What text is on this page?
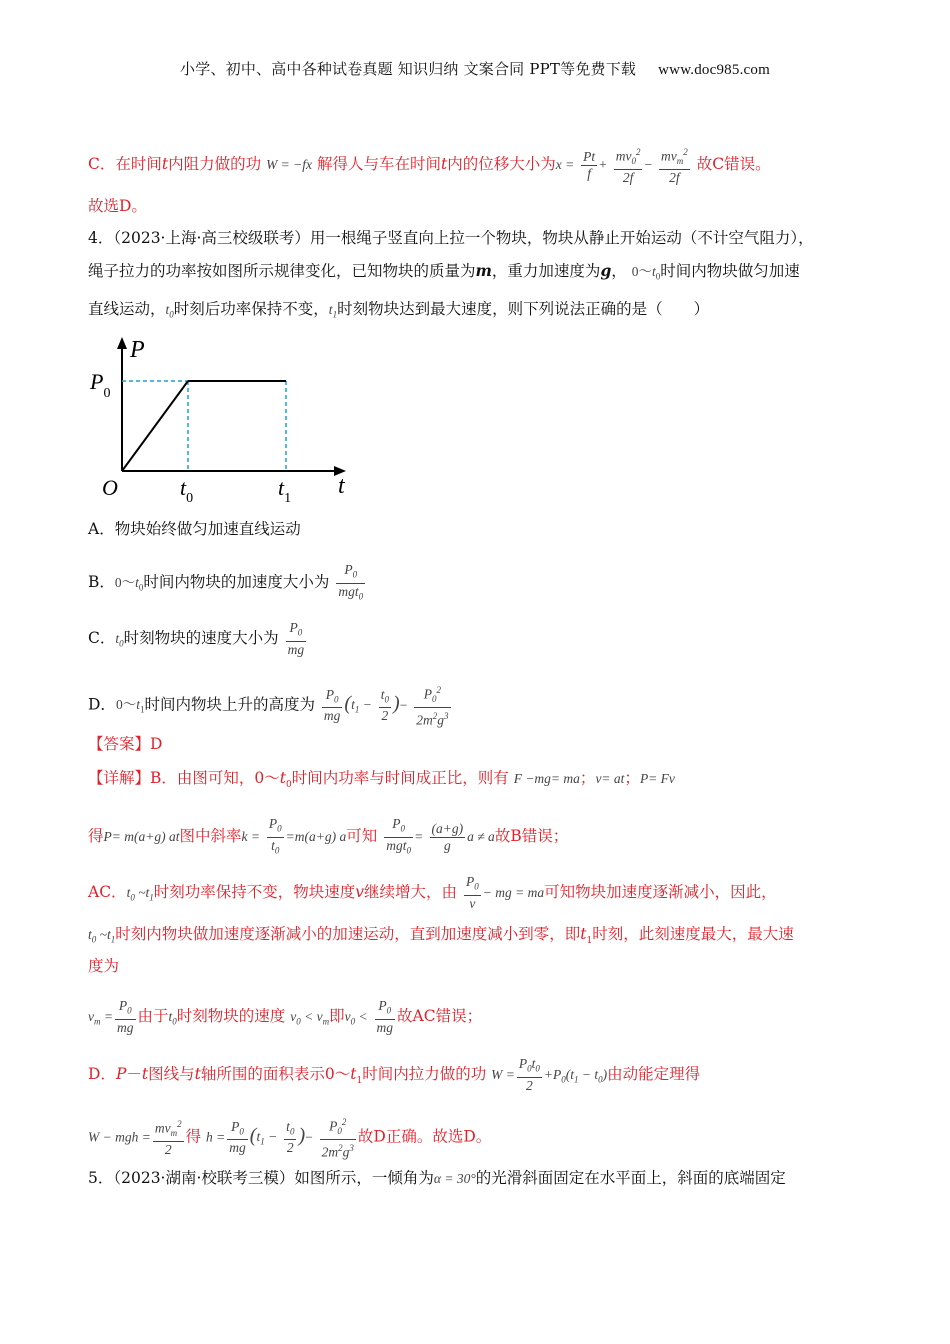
小学、初中、高中各种试卷真题 知识归纳 文案合同 PPT等免费下载 www.doc985.com
C．在时间t内阻力做的功 W = −fx 解得人与车在时间t内的位移大小为$x = \frac{Pt}{f} + \frac{mv_0^2}{2f} - \frac{mv_m^2}{2f}$ 故C错误。
故选D。
4．（2023·上海·高三校级联考）用一根绳子竖直向上拉一个物块，物块从静止开始运动（不计空气阻力），
绳子拉力的功率按如图所示规律变化，已知物块的质量为m，重力加速度为g， $0\sim t_0$时间内物块做匀加速
直线运动，$t_0$时刻后功率保持不变，$t_1$时刻物块达到最大速度，则下列说法正确的是（　　）
P
t
O
$P_0$
$t_0$	$t_1$
A．物块始终做匀加速直线运动
B．$0\sim t_0$时间内物块的加速度大小为 $\frac{P_0}{mgt_0}$
C．$t_0$时刻物块的速度大小为 $\frac{P_0}{mg}$
D．$0\sim t_1$时间内物块上升的高度为 $\frac{P_0}{mg} (t_1 - \frac{t_0}{2}$ )− $\frac{P_0^2}{2m^2g^3}$
【答案】D
【详解】B．由图可知，$0\sim t_0$时间内功率与时间成正比，则有 F −mg= ma；v= at；P= Fv
得P= m(a+g) at图中斜率$k = \frac{P_0}{t_0} =m(a+g)$ a可知 $\frac{P_0}{mgt_0} = \frac{(a+g)}{g}$ a ≠ a故B错误；
AC．$t_0$ $\sim t_1$时刻功率保持不变，物块速度v继续增大，由 $\frac{P_0}{v}$ − mg = ma可知物块加速度逐渐减小，因此，
$t_0$ $\sim t_1$时刻内物块做加速度逐渐减小的加速运动，直到加速度减小到零，即$t_1$时刻，此刻速度最大，最大速
度为
$v_m = \frac{P_0}{mg}$ 由于$t_0$时刻物块的速度 $v_0 < v_m$即$v_0 < \frac{P_0}{mg}$ 故AC错误；
D．P－t图线与t轴所围的面积表示$0\sim t_1$时间内拉力做的功 $W = \frac{P_0t_0}{2} +P_0(t_1 - t_0)$由动能定理得
W − mgh = $\frac{mv_m^2}{2}$ 得 $h = \frac{P_0}{mg} (t_1 - \frac{t_0}{2}$ )− $\frac{P_0^2}{2m^2g^3}$ 故D正确。故选D。
5．（2023·湖南·校联考三模）如图所示，一倾角为α = 30°的光滑斜面固定在水平面上，斜面的底端固定
